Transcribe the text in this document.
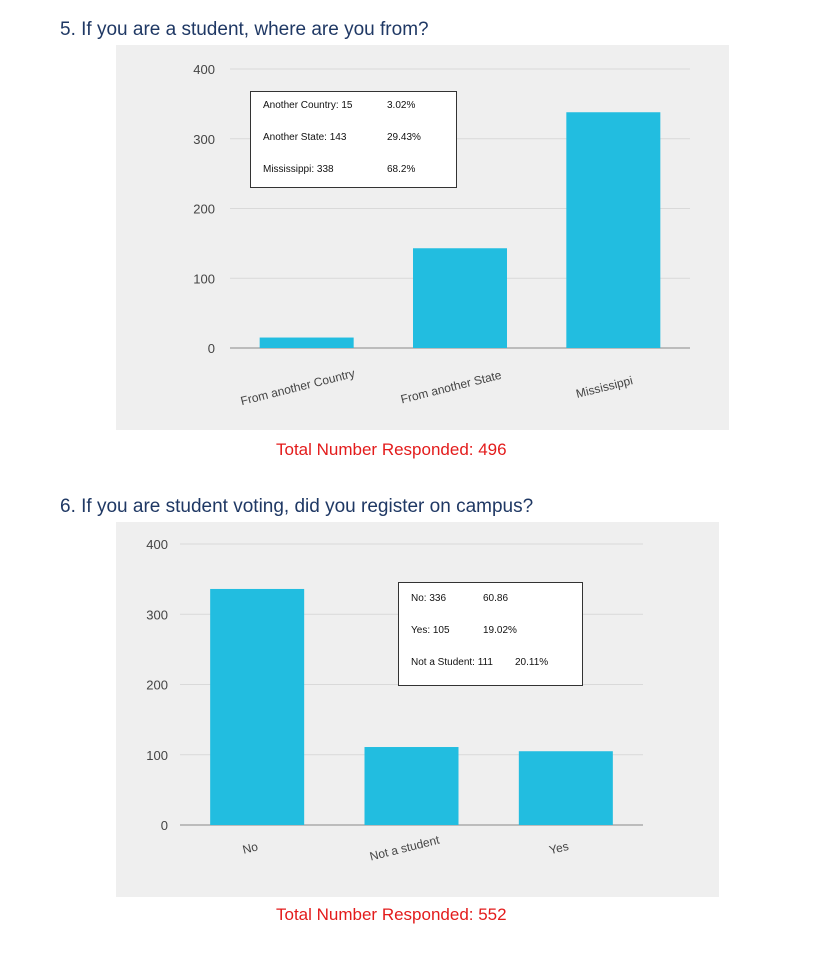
5. If you are a student, where are you from?
0
100
200
300
400
From another Country	From another State	Mississippi
Another Country: 15	3.02%
Another State: 143	29.43%
Mississippi: 338	68.2%
Total Number Responded: 496
6. If you are student voting, did you register on campus?
0
100
200
300
400
No	Not a student	Yes
No: 336	60.86
Yes: 105	19.02%
Not a Student: 111 20.11%
Total Number Responded: 552
